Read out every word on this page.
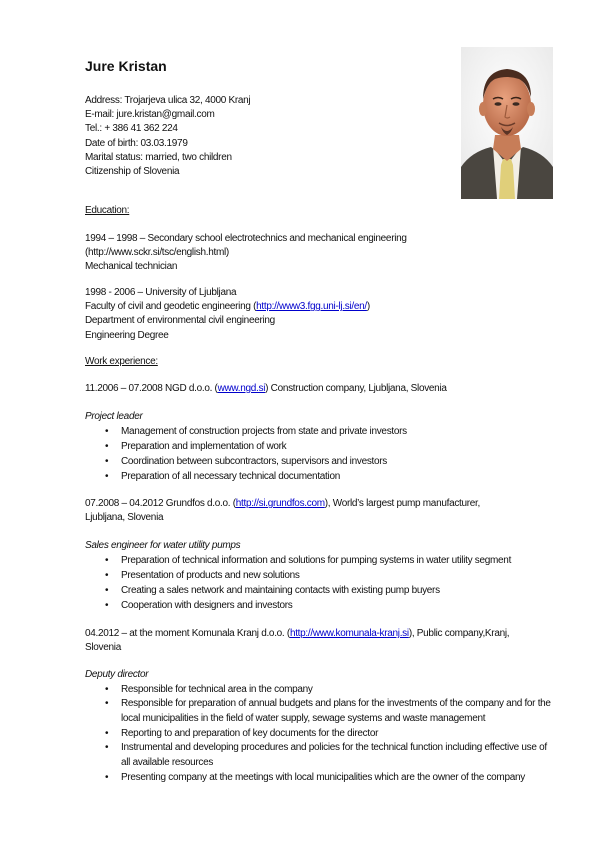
Jure Kristan
Address: Trojarjeva ulica 32, 4000 Kranj
E-mail: jure.kristan@gmail.com
Tel.: + 386 41 362 224
Date of birth: 03.03.1979
Marital status: married, two children
Citizenship of Slovenia
Education:
1994 – 1998 – Secondary school electrotechnics and mechanical engineering
(http://www.sckr.si/tsc/english.html)
Mechanical technician
1998 - 2006 – University of Ljubljana
Faculty of civil and geodetic engineering (http://www3.fgg.uni-lj.si/en/)
Department of environmental civil engineering
Engineering Degree
Work experience:
11.2006 – 07.2008 NGD d.o.o. (www.ngd.si) Construction company, Ljubljana, Slovenia
Project leader
• Management of construction projects from state and private investors
• Preparation and implementation of work
• Coordination between subcontractors, supervisors and investors
• Preparation of all necessary technical documentation
07.2008 – 04.2012 Grundfos d.o.o. (http://si.grundfos.com), World’s largest pump manufacturer,
Ljubljana, Slovenia
Sales engineer for water utility pumps
• Preparation of technical information and solutions for pumping systems in water utility segment
• Presentation of products and new solutions
• Creating a sales network and maintaining contacts with existing pump buyers
• Cooperation with designers and investors
04.2012 – at the moment Komunala Kranj d.o.o. (http://www.komunala-kranj.si), Public company,Kranj,
Slovenia
Deputy director
• Responsible for technical area in the company
• Responsible for preparation of annual budgets and plans for the investments of the company and for the local municipalities in the field of water supply, sewage systems and waste management
• Reporting to and preparation of key documents for the director
• Instrumental and developing procedures and policies for the technical function including effective use of all available resources
• Presenting company at the meetings with local municipalities which are the owner of the company
